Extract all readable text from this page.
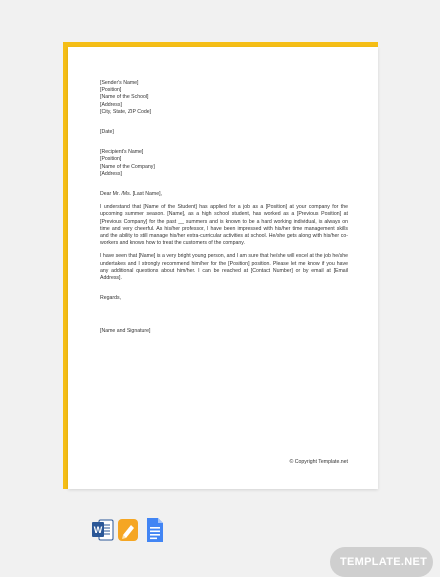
[Sender's Name]
[Position]
[Name of the School]
[Address]
[City, State, ZIP Code]
[Date]
[Recipient's Name]
[Position]
[Name of the Company]
[Address]
Dear Mr. /Ms. [Last Name],

I understand that [Name of the Student] has applied for a job as a [Position] at your company for the upcoming summer season. [Name], as a high school student, has worked as a [Previous Position] at [Previous Company] for the past __ summers and is known to be a hard working individual, is always on time and very cheerful. As his/her professor, I have been impressed with his/her time management skills and the ability to still manage his/her extra-curricular activities at school. He/she gets along with his/her co-workers and knows how to treat the customers of the company.

I have seen that [Name] is a very bright young person, and I am sure that he/she will excel at the job he/she undertakes and I strongly recommend him/her for the [Position] position. Please let me know if you have any additional questions about him/her. I can be reached at [Contact Number] or by email at [Email Address].

Regards,
[Name and Signature]
© Copyright Template.net
W
TEMPLATE.NET
